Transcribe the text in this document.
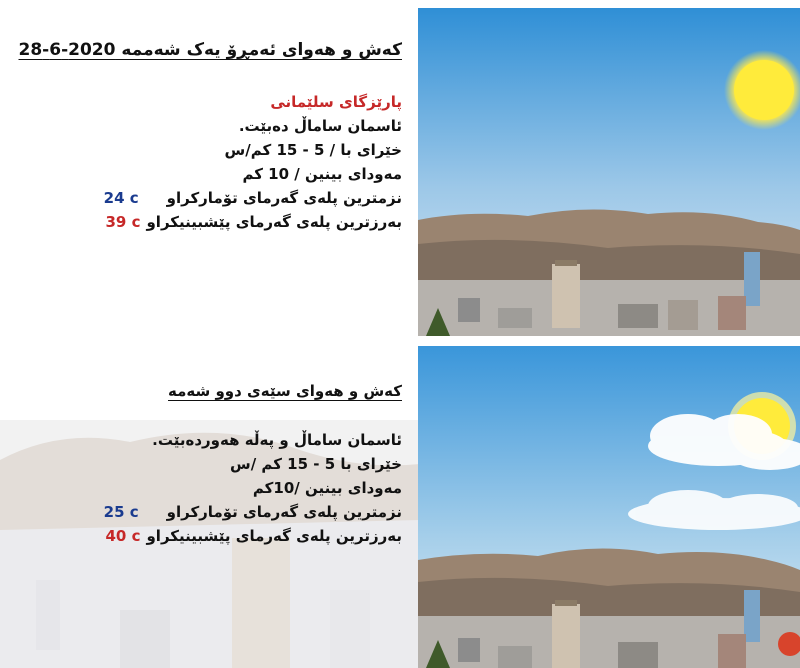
کەش و هەوای ئەمڕۆ یەک شەممە 2020-6-28
پارێزگای سلێمانی
ئاسمان ساماڵ دەبێت.
خێرای با / 5 - 15 کم/س
مەودای بینین / 10 کم
نزمترین پلەی گەرمای تۆمارکراو24 c
بەرزترین پلەی گەرمای پێشبینیکراو39 c
کەش و هەوای سێەی دوو شەمە
ئاسمان ساماڵ و پەڵە هەوردەبێت.
خێرای با 5 - 15 کم /س
مەودای بینین /10کم
نزمترین پلەی گەرمای تۆمارکراو25 c
بەرزترین پلەی گەرمای پێشبینیکراو40 c
